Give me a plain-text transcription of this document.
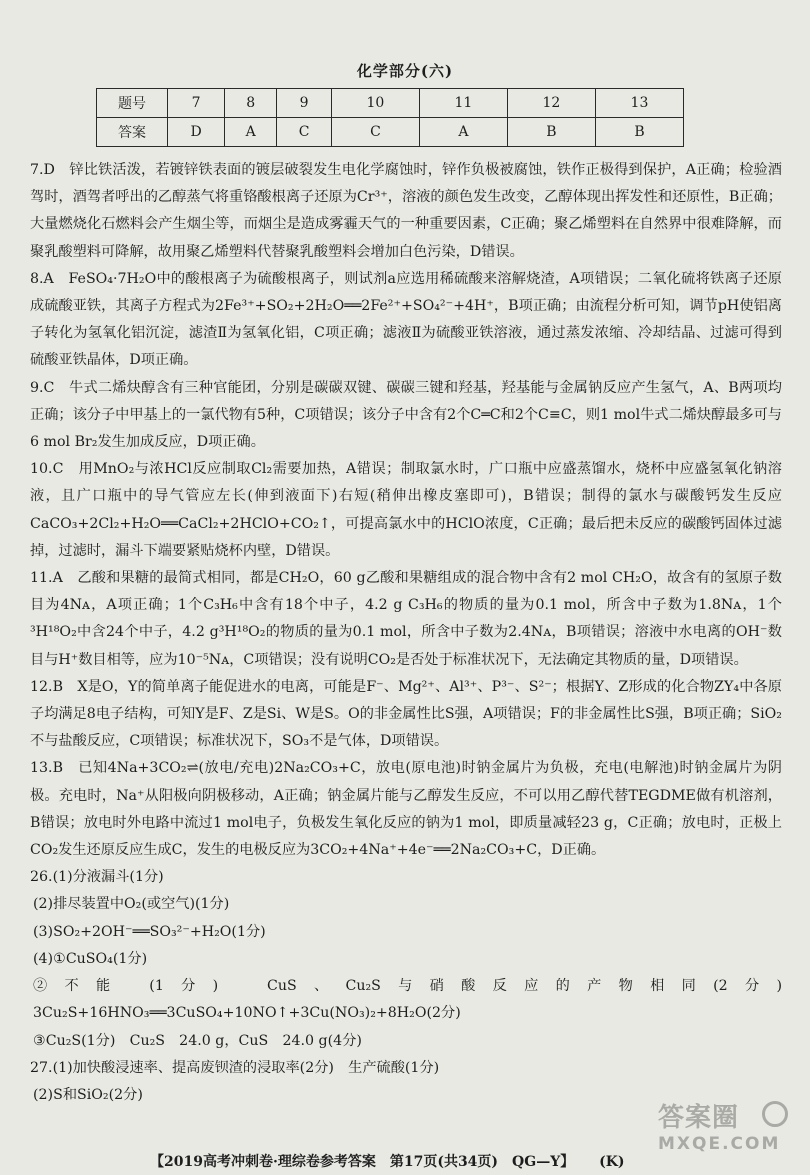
化学部分(六)
题号	7	8	9	10	11	12	13
答案	D	A	C	C	A	B	B

7.D　锌比铁活泼，若镀锌铁表面的镀层破裂发生电化学腐蚀时，锌作负极被腐蚀，铁作正极得到保护，A正确；检验酒驾时，酒驾者呼出的乙醇蒸气将重铬酸根离子还原为Cr³⁺，溶液的颜色发生改变，乙醇体现出挥发性和还原性，B正确；大量燃烧化石燃料会产生烟尘等，而烟尘是造成雾霾天气的一种重要因素，C正确；聚乙烯塑料在自然界中很难降解，而聚乳酸塑料可降解，故用聚乙烯塑料代替聚乳酸塑料会增加白色污染，D错误。

8.A　FeSO₄·7H₂O中的酸根离子为硫酸根离子，则试剂a应选用稀硫酸来溶解烧渣，A项错误；二氧化硫将铁离子还原成硫酸亚铁，其离子方程式为2Fe³⁺+SO₂+2H₂O══2Fe²⁺+SO₄²⁻+4H⁺，B项正确；由流程分析可知，调节pH使铝离子转化为氢氧化铝沉淀，滤渣Ⅱ为氢氧化铝，C项正确；滤液Ⅱ为硫酸亚铁溶液，通过蒸发浓缩、冷却结晶、过滤可得到硫酸亚铁晶体，D项正确。

9.C　牛式二烯炔醇含有三种官能团，分别是碳碳双键、碳碳三键和羟基，羟基能与金属钠反应产生氢气，A、B两项均正确；该分子中甲基上的一氯代物有5种，C项错误；该分子中含有2个C═C和2个C≡C，则1 mol牛式二烯炔醇最多可与6 mol Br₂发生加成反应，D项正确。

10.C　用MnO₂与浓HCl反应制取Cl₂需要加热，A错误；制取氯水时，广口瓶中应盛蒸馏水，烧杯中应盛氢氧化钠溶液，且广口瓶中的导气管应左长(伸到液面下)右短(稍伸出橡皮塞即可)，B错误；制得的氯水与碳酸钙发生反应CaCO₃+2Cl₂+H₂O══CaCl₂+2HClO+CO₂↑，可提高氯水中的HClO浓度，C正确；最后把未反应的碳酸钙固体过滤掉，过滤时，漏斗下端要紧贴烧杯内壁，D错误。

11.A　乙酸和果糖的最简式相同，都是CH₂O，60 g乙酸和果糖组成的混合物中含有2 mol CH₂O，故含有的氢原子数目为4Nᴀ，A项正确；1个C₃H₆中含有18个中子，4.2 g C₃H₆的物质的量为0.1 mol，所含中子数为1.8Nᴀ，1个³H¹⁸O₂中含24个中子，4.2 g³H¹⁸O₂的物质的量为0.1 mol，所含中子数为2.4Nᴀ，B项错误；溶液中水电离的OH⁻数目与H⁺数目相等，应为10⁻⁵Nᴀ，C项错误；没有说明CO₂是否处于标准状况下，无法确定其物质的量，D项错误。

12.B　X是O，Y的简单离子能促进水的电离，可能是F⁻、Mg²⁺、Al³⁺、P³⁻、S²⁻；根据Y、Z形成的化合物ZY₄中各原子均满足8电子结构，可知Y是F、Z是Si、W是S。O的非金属性比S强，A项错误；F的非金属性比S强，B项正确；SiO₂不与盐酸反应，C项错误；标准状况下，SO₃不是气体，D项错误。

13.B　已知4Na+3CO₂⇌(放电/充电)2Na₂CO₃+C，放电(原电池)时钠金属片为负极，充电(电解池)时钠金属片为阴极。充电时，Na⁺从阳极向阴极移动，A正确；钠金属片能与乙醇发生反应，不可以用乙醇代替TEGDME做有机溶剂，B错误；放电时外电路中流过1 mol电子，负极发生氧化反应的钠为1 mol，即质量减轻23 g，C正确；放电时，正极上CO₂发生还原反应生成C，发生的电极反应为3CO₂+4Na⁺+4e⁻══2Na₂CO₃+C，D正确。

26.(1)分液漏斗(1分)

(2)排尽装置中O₂(或空气)(1分)

(3)SO₂+2OH⁻══SO₃²⁻+H₂O(1分)

(4)①CuSO₄(1分)

②不能 (1分)　CuS、Cu₂S与硝酸反应的产物相同(2分)　3Cu₂S+16HNO₃══3CuSO₄+10NO↑+3Cu(NO₃)₂+8H₂O(2分)

③Cu₂S(1分)　Cu₂S　24.0 g，CuS　24.0 g(4分)

27.(1)加快酸浸速率、提高废钡渣的浸取率(2分)　生产硫酸(1分)

(2)S和SiO₂(2分)

【2019高考冲刺卷·理综卷参考答案　第17页(共34页)　QG—Y】 (K)
答案圈
MXQE.COM
